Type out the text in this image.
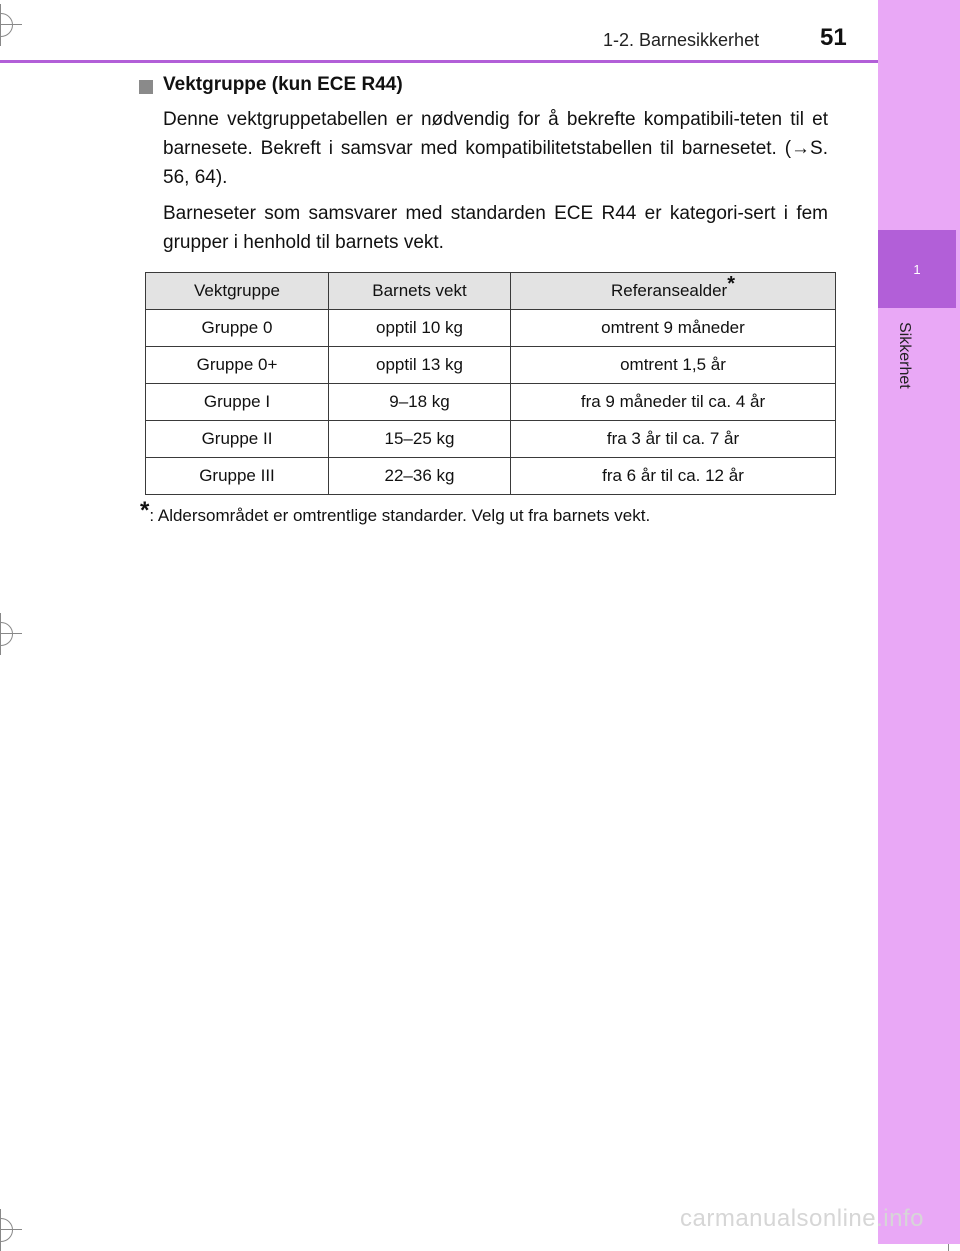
1
Sikkerhet
1-2. Barnesikkerhet	51
Vektgruppe (kun ECE R44)
Denne vektgruppetabellen er nødvendig for å bekrefte kompatibili-teten til et barnesete. Bekreft i samsvar med kompatibilitetstabellen til barnesetet. (→S. 56, 64).
Barneseter som samsvarer med standarden ECE R44 er kategori-sert i fem grupper i henhold til barnets vekt.
Vektgruppe	Barnets vekt	Referansealder*
Gruppe 0	opptil 10 kg	omtrent 9 måneder
Gruppe 0+	opptil 13 kg	omtrent 1,5 år
Gruppe I	9–18 kg	fra 9 måneder til ca. 4 år
Gruppe II	15–25 kg	fra 3 år til ca. 7 år
Gruppe III	22–36 kg	fra 6 år til ca. 12 år
*: Aldersområdet er omtrentlige standarder. Velg ut fra barnets vekt.
carmanualsonline.info
